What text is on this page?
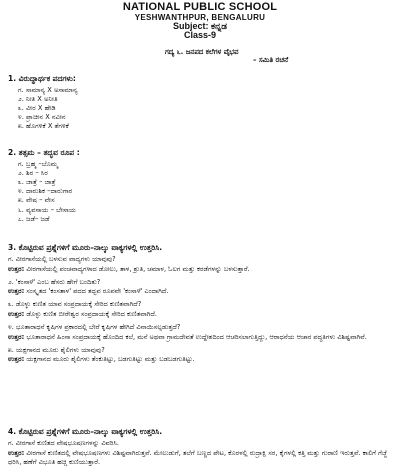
NATIONAL PUBLIC SCHOOL
YESHWANTHPUR, BENGALURU
Subject: ಕನ್ನಡ
Class-9
ಗದ್ಯ ೬. ಜನಪದ ಕಲೆಗಳ ವೈಭವ
– ಸಮಿತಿ ರಚನೆ
1. ವಿರುದ್ಧಾರ್ಥಕ ಪದಗಳು:
ಗ. ಸಾಮಾನ್ಯ X ಅಸಾಮಾನ್ಯ
೨. ನೀತಿ X ಅನೀತಿ
೩. ವೀರ X ಹೇಡಿ
೪. ಪ್ರಾಚೀನ X ನವೀನ
೫. ಹೊಗಳಿಕೆ X ತೆಗಳಿಕೆ
2. ತತ್ಸಮ – ತದ್ಭವ ರೂಪ :
ಗ. ಬ್ರಹ್ಮ –ಬೊಮ್ಮ
೨. ಶಿರ – ಸಿರ
೩. ಜಾತ್ರೆ – ಜಾತ್ರೆ
೪. ದಾರುಶಿಕ –ದಾರುಗಾರ
೫. ವೇಷ – ವೇಸ
೬. ವ್ಯವಸಾಯ – ಬೇಸಾಯ
೭. ಜಡೆ– ಜಡೆ
3. ಕೊಟ್ಟಿರುವ ಪ್ರಶ್ನೆಗಳಿಗೆ ಮೂರು–ನಾಲ್ಕು ವಾಕ್ಯಗಳಲ್ಲಿ ಉತ್ತರಿಸಿ.
ಗ. ವೀರಗಾಸೆಯಲ್ಲಿ ಬಳಸುವ ವಾದ್ಯಗಳು ಯಾವುವು?
ಉತ್ತರ: ವೀರಗಾಸೆಯಲ್ಲಿ ಪಂಚವಾದ್ಯಗಳಾದ ಡೋಲು, ತಾಳ, ಶ್ರುತಿ, ಚಮಾಳ, ಓಲಗ ಮತ್ತು ಕರಡೆಗಳನ್ನು ಬಳಸುತ್ತಾರೆ.
೨. 'ಕಂಸಾಳೆ' ಎಂಬ ಹೆಸರು ಹೇಗೆ ಬಂದಿತು?
ಉತ್ತರ: ಸಂಸ್ಕೃತದ 'ಕಂಸತಾಳ' ಪದದ ತದ್ಭವ ರೂಪವೇ 'ಕಂಸಾಳೆ' ಎಂದಾಗಿದೆ.
೩. ಡೊಳ್ಳು ಕುಣಿತ ಯಾವ ಸಂಪ್ರದಾಯಕ್ಕೆ ಸೇರಿದ ಕುಣಿತವಾಗಿದೆ?
ಉತ್ತರ: ಡೊಳ್ಳು ಕುಣಿತ ಬೀರೇಶ್ವರ ಸಂಪ್ರದಾಯಕ್ಕೆ ಸೇರಿದ ಕುಣಿತವಾಗಿದೆ.
೪. ಭೂತಾರಾಧನೆ ಕೃಷಿಗಳ ಪ್ರಕಾರದಲ್ಲಿ ಬೇರೆ ಕೃಷಿಗಳ ಹೇಗಿದೆ ವಿನಾಯಿಸಲ್ಪಡುತ್ತದೆ?
ಉತ್ತರ: ಭೂತಾರಾಧನೆ ಹಿಂಸಾ ಸಂಪ್ರದಾಯಕ್ಕೆ ಹೊಂದಿದ ಕಲೆ, ಮನೆ ಅಥವಾ ಗ್ರಾಮದೇವತೆ ಉದ್ದೇಶದಿಂದ ಆಚರಿಸಲಾಗುತ್ತಿದ್ದು, ಆರಾಧನೆಯ ಆಚಾರ ಪದ್ಧತಿಗಳು ವಿಶಿಷ್ಟವಾಗಿವೆ.
೫. ಯಕ್ಷಗಾನದ ಮೂರು ಶೈಲಿಗಳು ಯಾವುವು?
ಉತ್ತರ: ಯಕ್ಷಗಾನದ ಮೂರು ಶೈಲಿಗಳು ತೆಂಕುತಿಟ್ಟು, ಬಡಗುತಿಟ್ಟು ಮತ್ತು ಬಡಬಡಗುತಿಟ್ಟು.
4. ಕೊಟ್ಟಿರುವ ಪ್ರಶ್ನೆಗಳಿಗೆ ಮೂರು–ನಾಲ್ಕು ವಾಕ್ಯಗಳಲ್ಲಿ ಉತ್ತರಿಸಿ.
ಗ. ವೀರಗಾಸೆ ಕುಣಿತದ ವೇಷಭೂಷಣಗಳನ್ನು ವಿವರಿಸಿ.
ಉತ್ತರ: ವೀರಗಾಸೆ ಕುಣಿತದಲ್ಲಿ ವೇಷಭೂಷಣಗಳು ವಿಶಿಷ್ಟವಾಗಿರುತ್ತವೆ. ಮೇಲುಡುಗೆ, ತಲೆಗೆ ಬಣ್ಣದ ಪೇಟ, ಕೊರಳಲ್ಲಿ ರುದ್ರಾಕ್ಷಿ ಸರ, ಕೈಗಳಲ್ಲಿ ಕತ್ತಿ ಮತ್ತು ಗುರಾಣಿ ಇರುತ್ತವೆ. ಕಾಲಿಗೆ ಗೆಜ್ಜೆ ಧರಿಸಿ, ಹಣೆಗೆ ವಿಭೂತಿ ಹಚ್ಚಿ ಕುಣಿಯುತ್ತಾರೆ.
